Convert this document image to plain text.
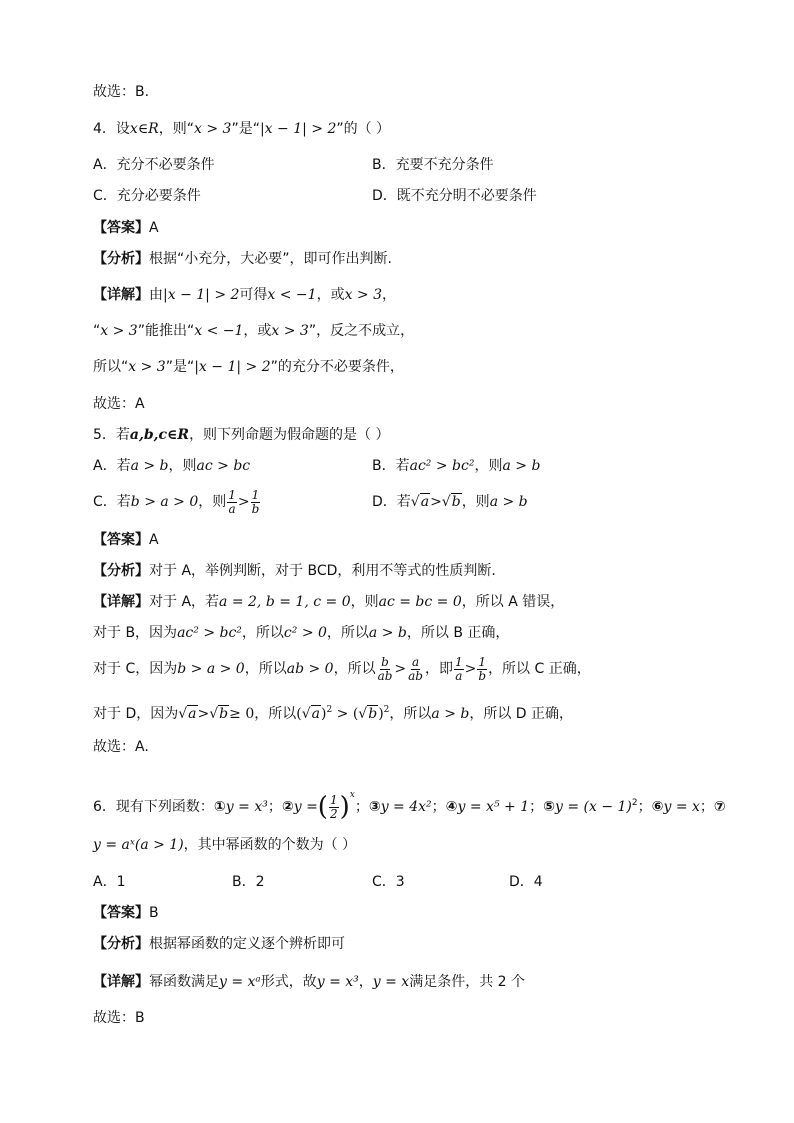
故选：B.
4．设x∈R，则“x > 3”是“|x − 1| > 2”的（ ）
A．充分不必要条件	B．充要不充分条件
C．充分必要条件	D．既不充分眀不必要条件
【答案】A
【分析】根据“小充分，大必要”，即可作出判断.
【详解】由|x − 1| > 2可得x < −1，或x > 3，
“x > 3”能推出“x < −1，或x > 3”，反之不成立，
所以“x > 3”是“|x − 1| > 2”的充分不必要条件，
故选：A
5．若a,b,c∈R，则下列命题为假命题的是（ ）
A．若a > b，则ac > bc	B．若ac² > bc²，则a > b
C．若b > a > 0，则 $\frac{1}{a} > \frac{1}{b}$	D．若√a>√b，则a > b
【答案】A
【分析】对于 A，举例判断，对于 BCD，利用不等式的性质判断.
【详解】对于 A，若a = 2, b = 1, c = 0，则ac = bc = 0，所以 A 错误，
对于 B，因为ac² > bc²，所以c² > 0，所以a > b，所以 B 正确，
对于 C，因为b > a > 0，所以ab > 0，所以 $\frac{b}{ab} > \frac{a}{ab}$ ，即 $\frac{1}{a} > \frac{1}{b}$ ，所以 C 正确，
对于 D，因为√a>√b≥ 0，所以$(√a)^2 > (√b)^2$，所以a > b，所以 D 正确，
故选：A.
6．现有下列函数：①y = x³；②y =( $\frac{1}{2} )^x$；③y = 4x²；④y = x⁵ + 1；⑤y = $(x - 1)^2$；⑥y = x；⑦
y = aˣ(a > 1)，其中幂函数的个数为（ ）
A．1	B．2	C．3	D．4
【答案】B
【分析】根据幂函数的定义逐个辨析即可
【详解】幂函数满足y = xᵃ形式，故y = x³，y = x满足条件，共 2 个
故选：B
